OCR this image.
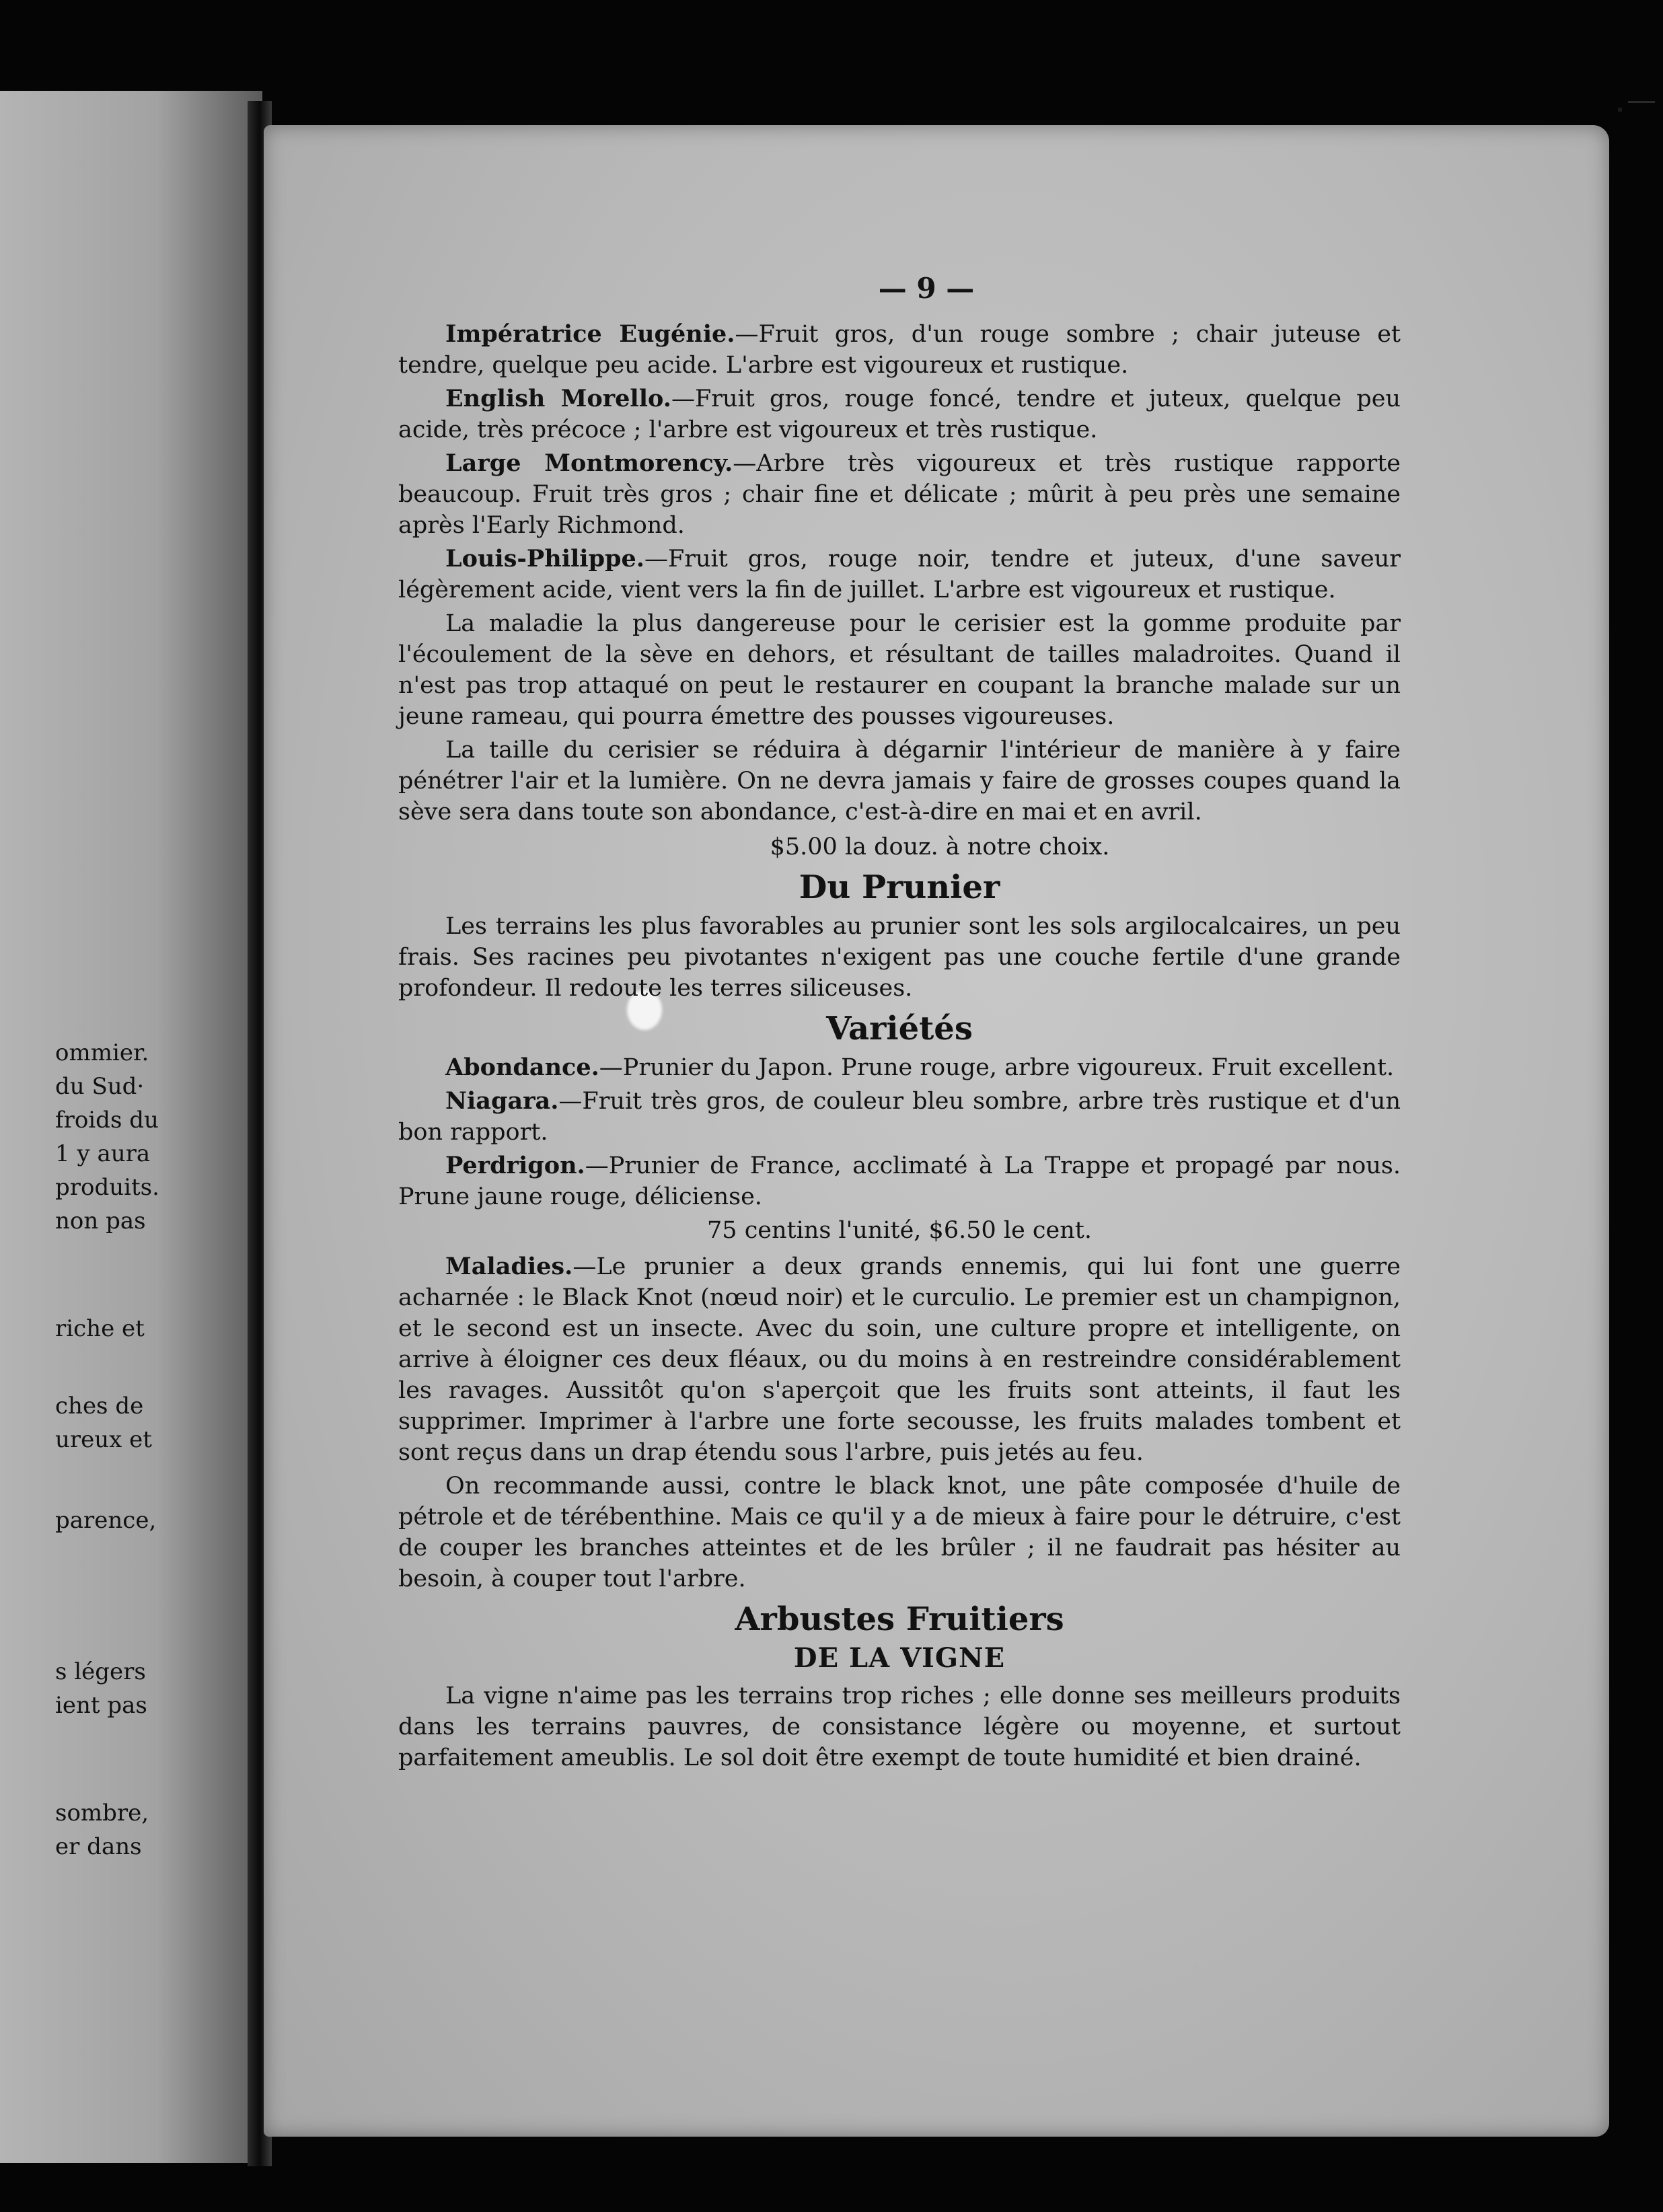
ommier.
du Sud·
froids du
1 y aura
produits.
non pas
riche et
ches de
ureux et
parence,
s légers
ient pas
sombre,
er dans
— 9 —

Impératrice Eugénie.—Fruit gros, d'un rouge sombre ; chair juteuse et tendre, quelque peu acide. L'arbre est vigoureux et rustique.

English Morello.—Fruit gros, rouge foncé, tendre et juteux, quelque peu acide, très précoce ; l'arbre est vigoureux et très rustique.

Large Montmorency.—Arbre très vigoureux et très rustique rapporte beaucoup. Fruit très gros ; chair fine et délicate ; mûrit à peu près une semaine après l'Early Richmond.

Louis-Philippe.—Fruit gros, rouge noir, tendre et juteux, d'une saveur légèrement acide, vient vers la fin de juillet. L'arbre est vigoureux et rustique.

La maladie la plus dangereuse pour le cerisier est la gomme produite par l'écoulement de la sève en dehors, et résultant de tailles maladroites. Quand il n'est pas trop attaqué on peut le restaurer en coupant la branche malade sur un jeune rameau, qui pourra émettre des pousses vigoureuses.

La taille du cerisier se réduira à dégarnir l'intérieur de manière à y faire pénétrer l'air et la lumière. On ne devra jamais y faire de grosses coupes quand la sève sera dans toute son abondance, c'est-à-dire en mai et en avril.

$5.00 la douz. à notre choix.

Du Prunier

Les terrains les plus favorables au prunier sont les sols argilocalcaires, un peu frais. Ses racines peu pivotantes n'exigent pas une couche fertile d'une grande profondeur. Il redoute les terres siliceuses.

Variétés

Abondance.—Prunier du Japon. Prune rouge, arbre vigoureux. Fruit excellent.

Niagara.—Fruit très gros, de couleur bleu sombre, arbre très rustique et d'un bon rapport.

Perdrigon.—Prunier de France, acclimaté à La Trappe et propagé par nous. Prune jaune rouge, déliciense.

75 centins l'unité, $6.50 le cent.

Maladies.—Le prunier a deux grands ennemis, qui lui font une guerre acharnée : le Black Knot (nœud noir) et le curculio. Le premier est un champignon, et le second est un insecte. Avec du soin, une culture propre et intelligente, on arrive à éloigner ces deux fléaux, ou du moins à en restreindre considérablement les ravages. Aussitôt qu'on s'aperçoit que les fruits sont atteints, il faut les supprimer. Imprimer à l'arbre une forte secousse, les fruits malades tombent et sont reçus dans un drap étendu sous l'arbre, puis jetés au feu.

On recommande aussi, contre le black knot, une pâte composée d'huile de pétrole et de térébenthine. Mais ce qu'il y a de mieux à faire pour le détruire, c'est de couper les branches atteintes et de les brûler ; il ne faudrait pas hésiter au besoin, à couper tout l'arbre.

Arbustes Fruitiers
DE LA VIGNE

La vigne n'aime pas les terrains trop riches ; elle donne ses meilleurs produits dans les terrains pauvres, de consistance légère ou moyenne, et surtout parfaitement ameublis. Le sol doit être exempt de toute humidité et bien drainé.
